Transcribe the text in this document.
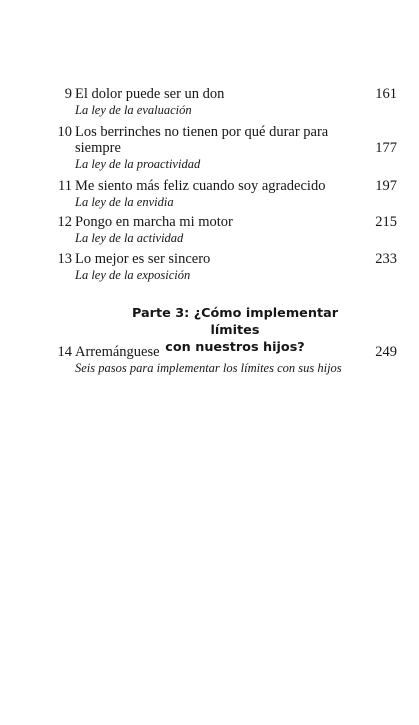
9 El dolor puede ser un don	161
La ley de la evaluación
10 Los berrinches no tienen por qué durar para
siempre	177
La ley de la proactividad
11 Me siento más feliz cuando soy agradecido	197
La ley de la envidia
12 Pongo en marcha mi motor	215
La ley de la actividad
13 Lo mejor es ser sincero	233
La ley de la exposición
Parte 3: ¿Cómo implementar límites
con nuestros hijos?
14 Arremánguese	249
Seis pasos para implementar los límites con sus hijos
